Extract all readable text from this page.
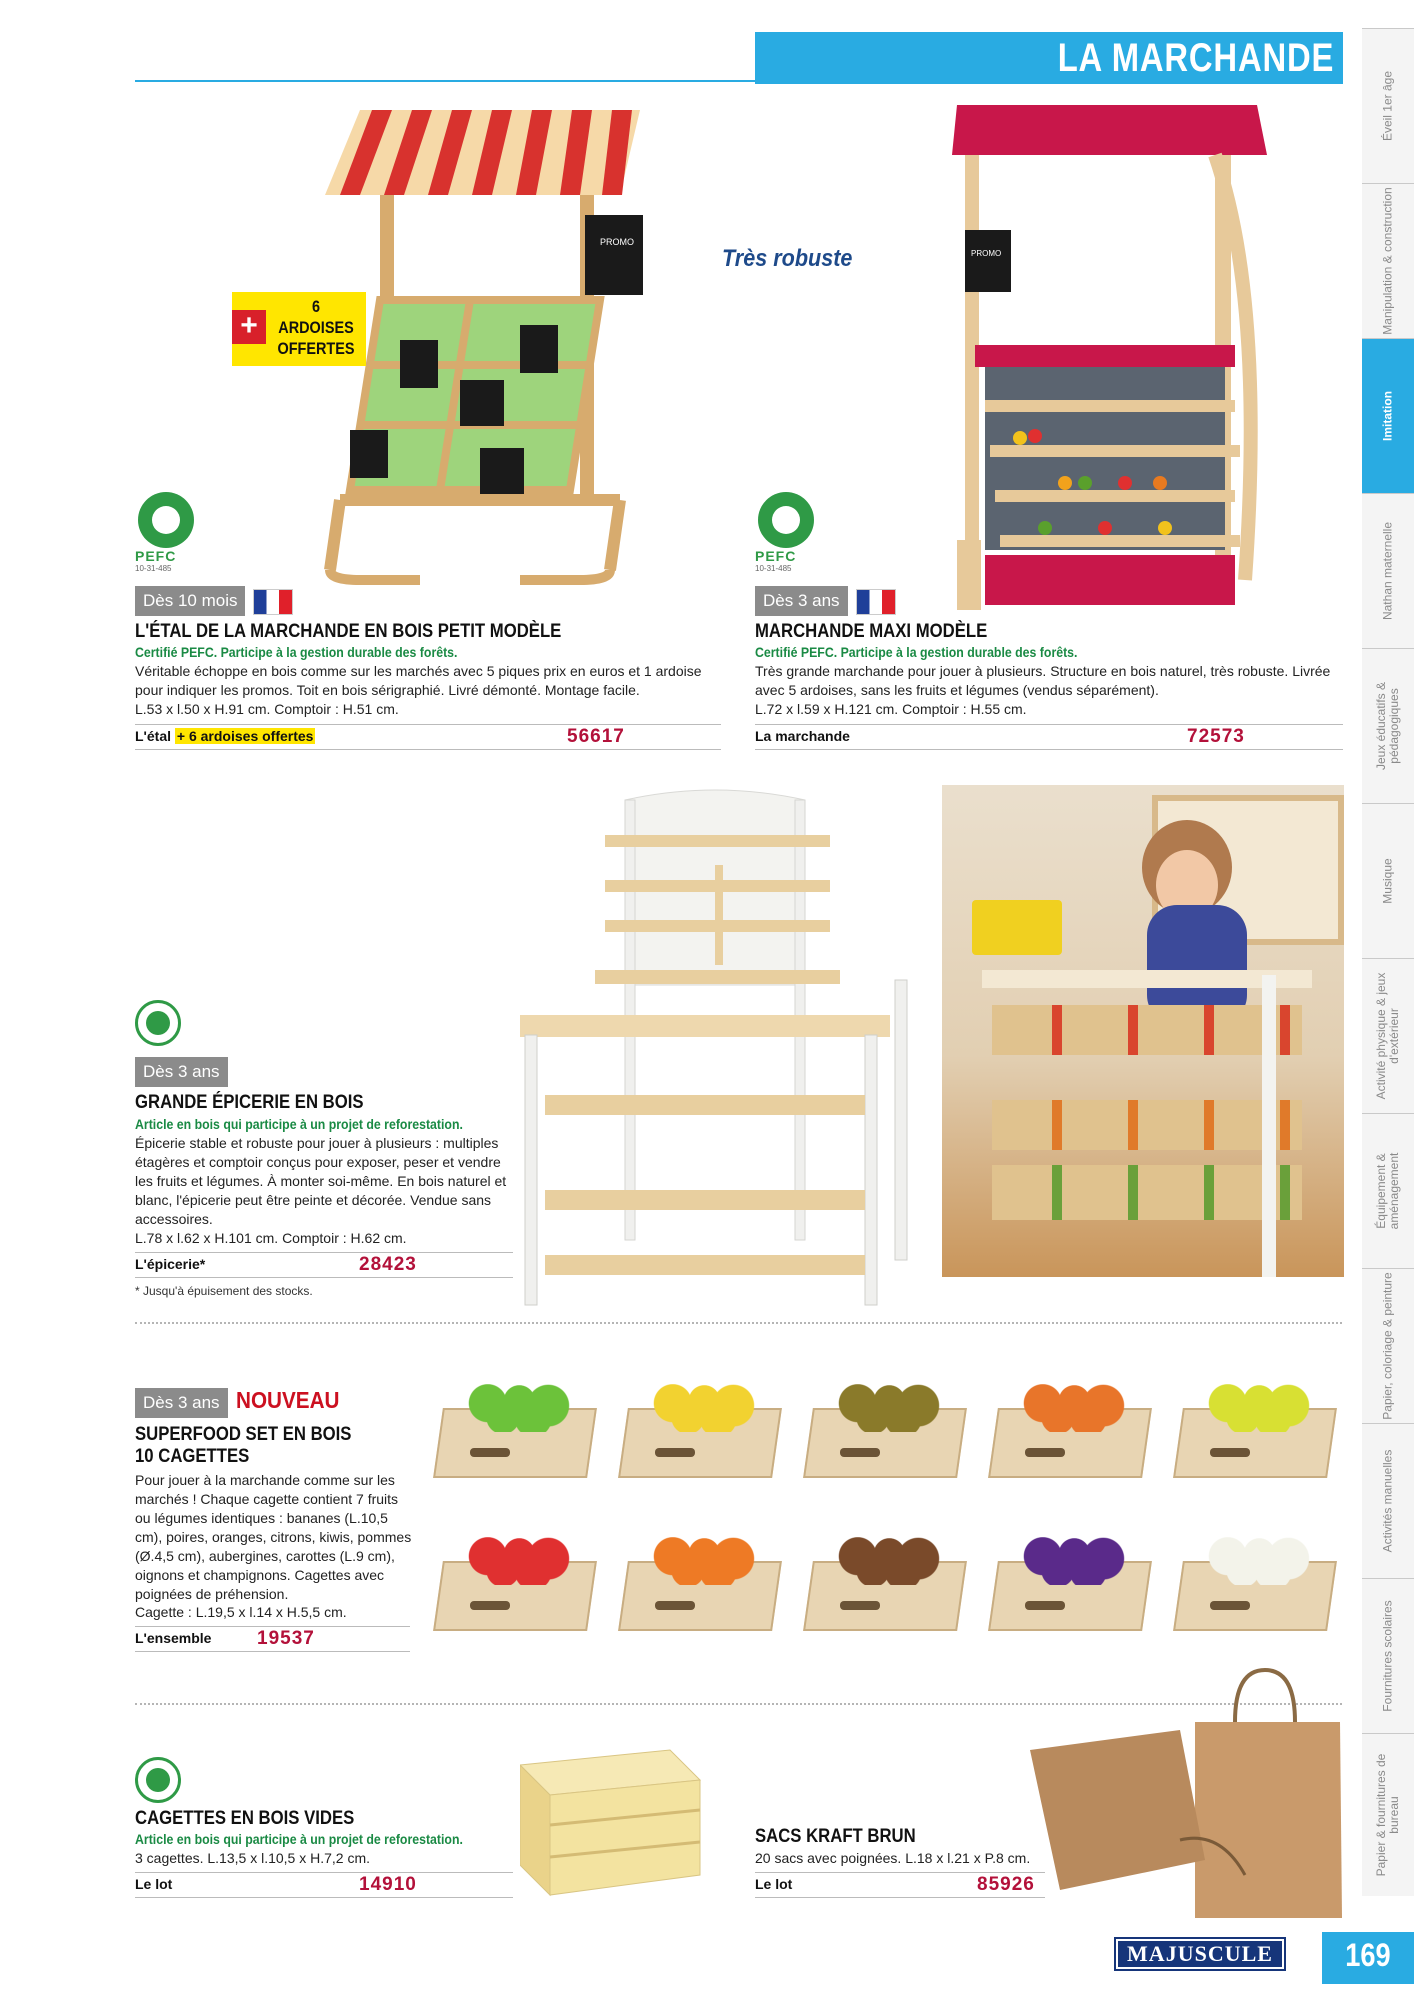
LA MARCHANDE
Éveil 1er âge
Manipulation & construction
Imitation
Nathan maternelle
Jeux éducatifs & pédagogiques
Musique
Activité physique & jeux d'extérieur
Équipement & aménagement
Papier, coloriage & peinture
Activités manuelles
Fournitures scolaires
Papier & fournitures de bureau
PROMO
+
6
ARDOISES
OFFERTES
Très robuste	PROMO
PEFC
10-31-485
Dès 10 mois
L'ÉTAL DE LA MARCHANDE EN BOIS PETIT MODÈLE
Certifié PEFC. Participe à la gestion durable des forêts.
Véritable échoppe en bois comme sur les marchés avec 5 piques prix en euros et 1 ardoise pour indiquer les promos. Toit en bois sérigraphié. Livré démonté. Montage facile.
L.53 x l.50 x H.91 cm. Comptoir : H.51 cm.
L'étal + 6 ardoises offertes	56617
PEFC
10-31-485
Dès 3 ans
MARCHANDE MAXI MODÈLE
Certifié PEFC. Participe à la gestion durable des forêts.
Très grande marchande pour jouer à plusieurs. Structure en bois naturel, très robuste. Livrée avec 5 ardoises, sans les fruits et légumes (vendus séparément).
L.72 x l.59 x H.121 cm. Comptoir : H.55 cm.
La marchande	72573
Dès 3 ans
GRANDE ÉPICERIE EN BOIS
Article en bois qui participe à un projet de reforestation.
Épicerie stable et robuste pour jouer à plusieurs : multiples étagères et comptoir conçus pour exposer, peser et vendre les fruits et légumes. À monter soi-même. En bois naturel et blanc, l'épicerie peut être peinte et décorée. Vendue sans accessoires.
L.78 x l.62 x H.101 cm. Comptoir : H.62 cm.
L'épicerie*	28423
* Jusqu'à épuisement des stocks.
Dès 3 ans NOUVEAU
SUPERFOOD SET EN BOIS
10 CAGETTES
Pour jouer à la marchande comme sur les marchés ! Chaque cagette contient 7 fruits ou légumes identiques : bananes (L.10,5 cm), poires, oranges, citrons, kiwis, pommes (Ø.4,5 cm), aubergines, carottes (L.9 cm), oignons et champignons. Cagettes avec poignées de préhension.
Cagette : L.19,5 x l.14 x H.5,5 cm.
L'ensemble 19537
CAGETTES EN BOIS VIDES
Article en bois qui participe à un projet de reforestation.
3 cagettes. L.13,5 x l.10,5 x H.7,2 cm.
Le lot	14910
SACS KRAFT BRUN
20 sacs avec poignées. L.18 x l.21 x P.8 cm.
Le lot	85926
MAJUSCULE	169
